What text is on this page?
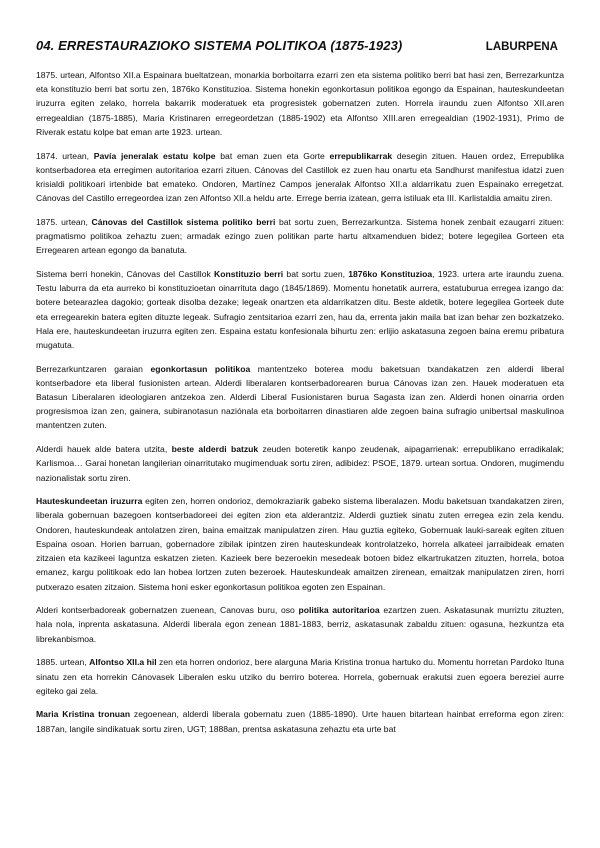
04. ERRESTAURAZIOKO SISTEMA POLITIKOA (1875-1923)	LABURPENA

1875. urtean, Alfontso XII.a Espainara bueltatzean, monarkia borboitarra ezarri zen eta sistema politiko berri bat hasi zen, Berrezarkuntza eta konstituzio berri bat sortu zen, 1876ko Konstituzioa. Sistema honekin egonkortasun politikoa egongo da Espainan, hauteskundeetan iruzurra egiten zelako, horrela bakarrik moderatuek eta progresistek gobernatzen zuten. Horrela iraundu zuen Alfontso XII.aren erregealdian (1875-1885), Maria Kristinaren erregeordetzan (1885-1902) eta Alfontso XIII.aren erregealdian (1902-1931), Primo de Riverak estatu kolpe bat eman arte 1923. urtean.

1874. urtean, Pavía jeneralak estatu kolpe bat eman zuen eta Gorte errepublikarrak desegin zituen. Hauen ordez, Errepublika kontserbadorea eta erregimen autoritarioa ezarri zituen. Cánovas del Castillok ez zuen hau onartu eta Sandhurst manifestua idatzi zuen krisialdi politikoari irtenbide bat emateko. Ondoren, Martínez Campos jeneralak Alfontso XII.a aldarrikatu zuen Espainako erregetzat. Cánovas del Castillo erregeordea izan zen Alfontso XII.a heldu arte. Errege berria izatean, gerra istiluak eta III. Karlistaldia amaitu ziren.

1875. urtean, Cánovas del Castillok sistema politiko berri bat sortu zuen, Berrezarkuntza. Sistema honek zenbait ezaugarri zituen: pragmatismo politikoa zehaztu zuen; armadak ezingo zuen politikan parte hartu altxamenduen bidez; botere legegilea Gorteen eta Erregearen artean egongo da banatuta.

Sistema berri honekin, Cánovas del Castillok Konstituzio berri bat sortu zuen, 1876ko Konstituzioa, 1923. urtera arte iraundu zuena. Testu laburra da eta aurreko bi konstituzioetan oinarrituta dago (1845/1869). Momentu honetatik aurrera, estatuburua erregea izango da: botere betearazlea dagokio; gorteak disolba dezake; legeak onartzen eta aldarrikatzen ditu. Beste aldetik, botere legegilea Gorteek dute eta erregearekin batera egiten dituzte legeak. Sufragio zentsitarioa ezarri zen, hau da, errenta jakin maila bat izan behar zen bozkatzeko. Hala ere, hauteskundeetan iruzurra egiten zen. Espaina estatu konfesionala bihurtu zen: erlijio askatasuna zegoen baina eremu pribatura mugatuta.

Berrezarkuntzaren garaian egonkortasun politikoa mantentzeko boterea modu baketsuan txandakatzen zen alderdi liberal kontserbadore eta liberal fusionisten artean. Alderdi liberalaren kontserbadorearen burua Cánovas izan zen. Hauek moderatuen eta Batasun Liberalaren ideologiaren antzekoa zen. Alderdi Liberal Fusionistaren burua Sagasta izan zen. Alderdi honen oinarria orden progresismoa izan zen, gainera, subiranotasun naziónala eta borboitarren dinastiaren alde zegoen baina sufragio unibertsal maskulinoa mantentzen zuten.

Alderdi hauek alde batera utzita, beste alderdi batzuk zeuden boteretik kanpo zeudenak, aipagarrienak: errepublikano erradikalak; Karlismoa… Garai honetan langilerian oinarritutako mugimenduak sortu ziren, adibidez: PSOE, 1879. urtean sortua. Ondoren, mugimendu nazionalistak sortu ziren.

Hauteskundeetan iruzurra egiten zen, horren ondorioz, demokraziarik gabeko sistema liberalazen. Modu baketsuan txandakatzen ziren, liberala gobernuan bazegoen kontserbadoreei dei egiten zion eta alderantziz. Alderdi guztiek sinatu zuten erregea ezin zela kendu. Ondoren, hauteskundeak antolatzen ziren, baina emaitzak manipulatzen ziren. Hau guztia egiteko, Gobernuak lauki-sareak egiten zituen Espaina osoan. Horien barruan, gobernadore zibilak ipintzen ziren hauteskundeak kontrolatzeko, horrela alkateei jarraibideak ematen zitzaien eta kazikeei laguntza eskatzen zieten. Kazieek bere bezeroekin mesedeak botoen bidez elkartrukatzen zituzten, horrela, botoa emanez, kargu politikoak edo lan hobea lortzen zuten bezeroek. Hauteskundeak amaitzen zirenean, emaitzak manipulatzen ziren, horri putxerazo esaten zitzaion. Sistema honi esker egonkortasun politikoa egoten zen Espainan.

Alderi kontserbadoreak gobernatzen zuenean, Canovas buru, oso politika autoritarioa ezartzen zuen. Askatasunak murriztu zituzten, hala nola, inprenta askatasuna. Alderdi liberala egon zenean 1881-1883, berriz, askatasunak zabaldu zituen: ogasuna, hezkuntza eta librekanbismoa.

1885. urtean, Alfontso XII.a hil zen eta horren ondorioz, bere alarguna Maria Kristina tronua hartuko du. Momentu horretan Pardoko Ituna sinatu zen eta horrekin Cánovasek Liberalen esku utziko du berriro boterea. Horrela, gobernuak erakutsi zuen egoera bereziei aurre egiteko gai zela.

Maria Kristina tronuan zegoenean, alderdi liberala gobernatu zuen (1885-1890). Urte hauen bitartean hainbat erreforma egon ziren: 1887an, langile sindikatuak sortu ziren, UGT; 1888an, prentsa askatasuna zehaztu eta urte bat
